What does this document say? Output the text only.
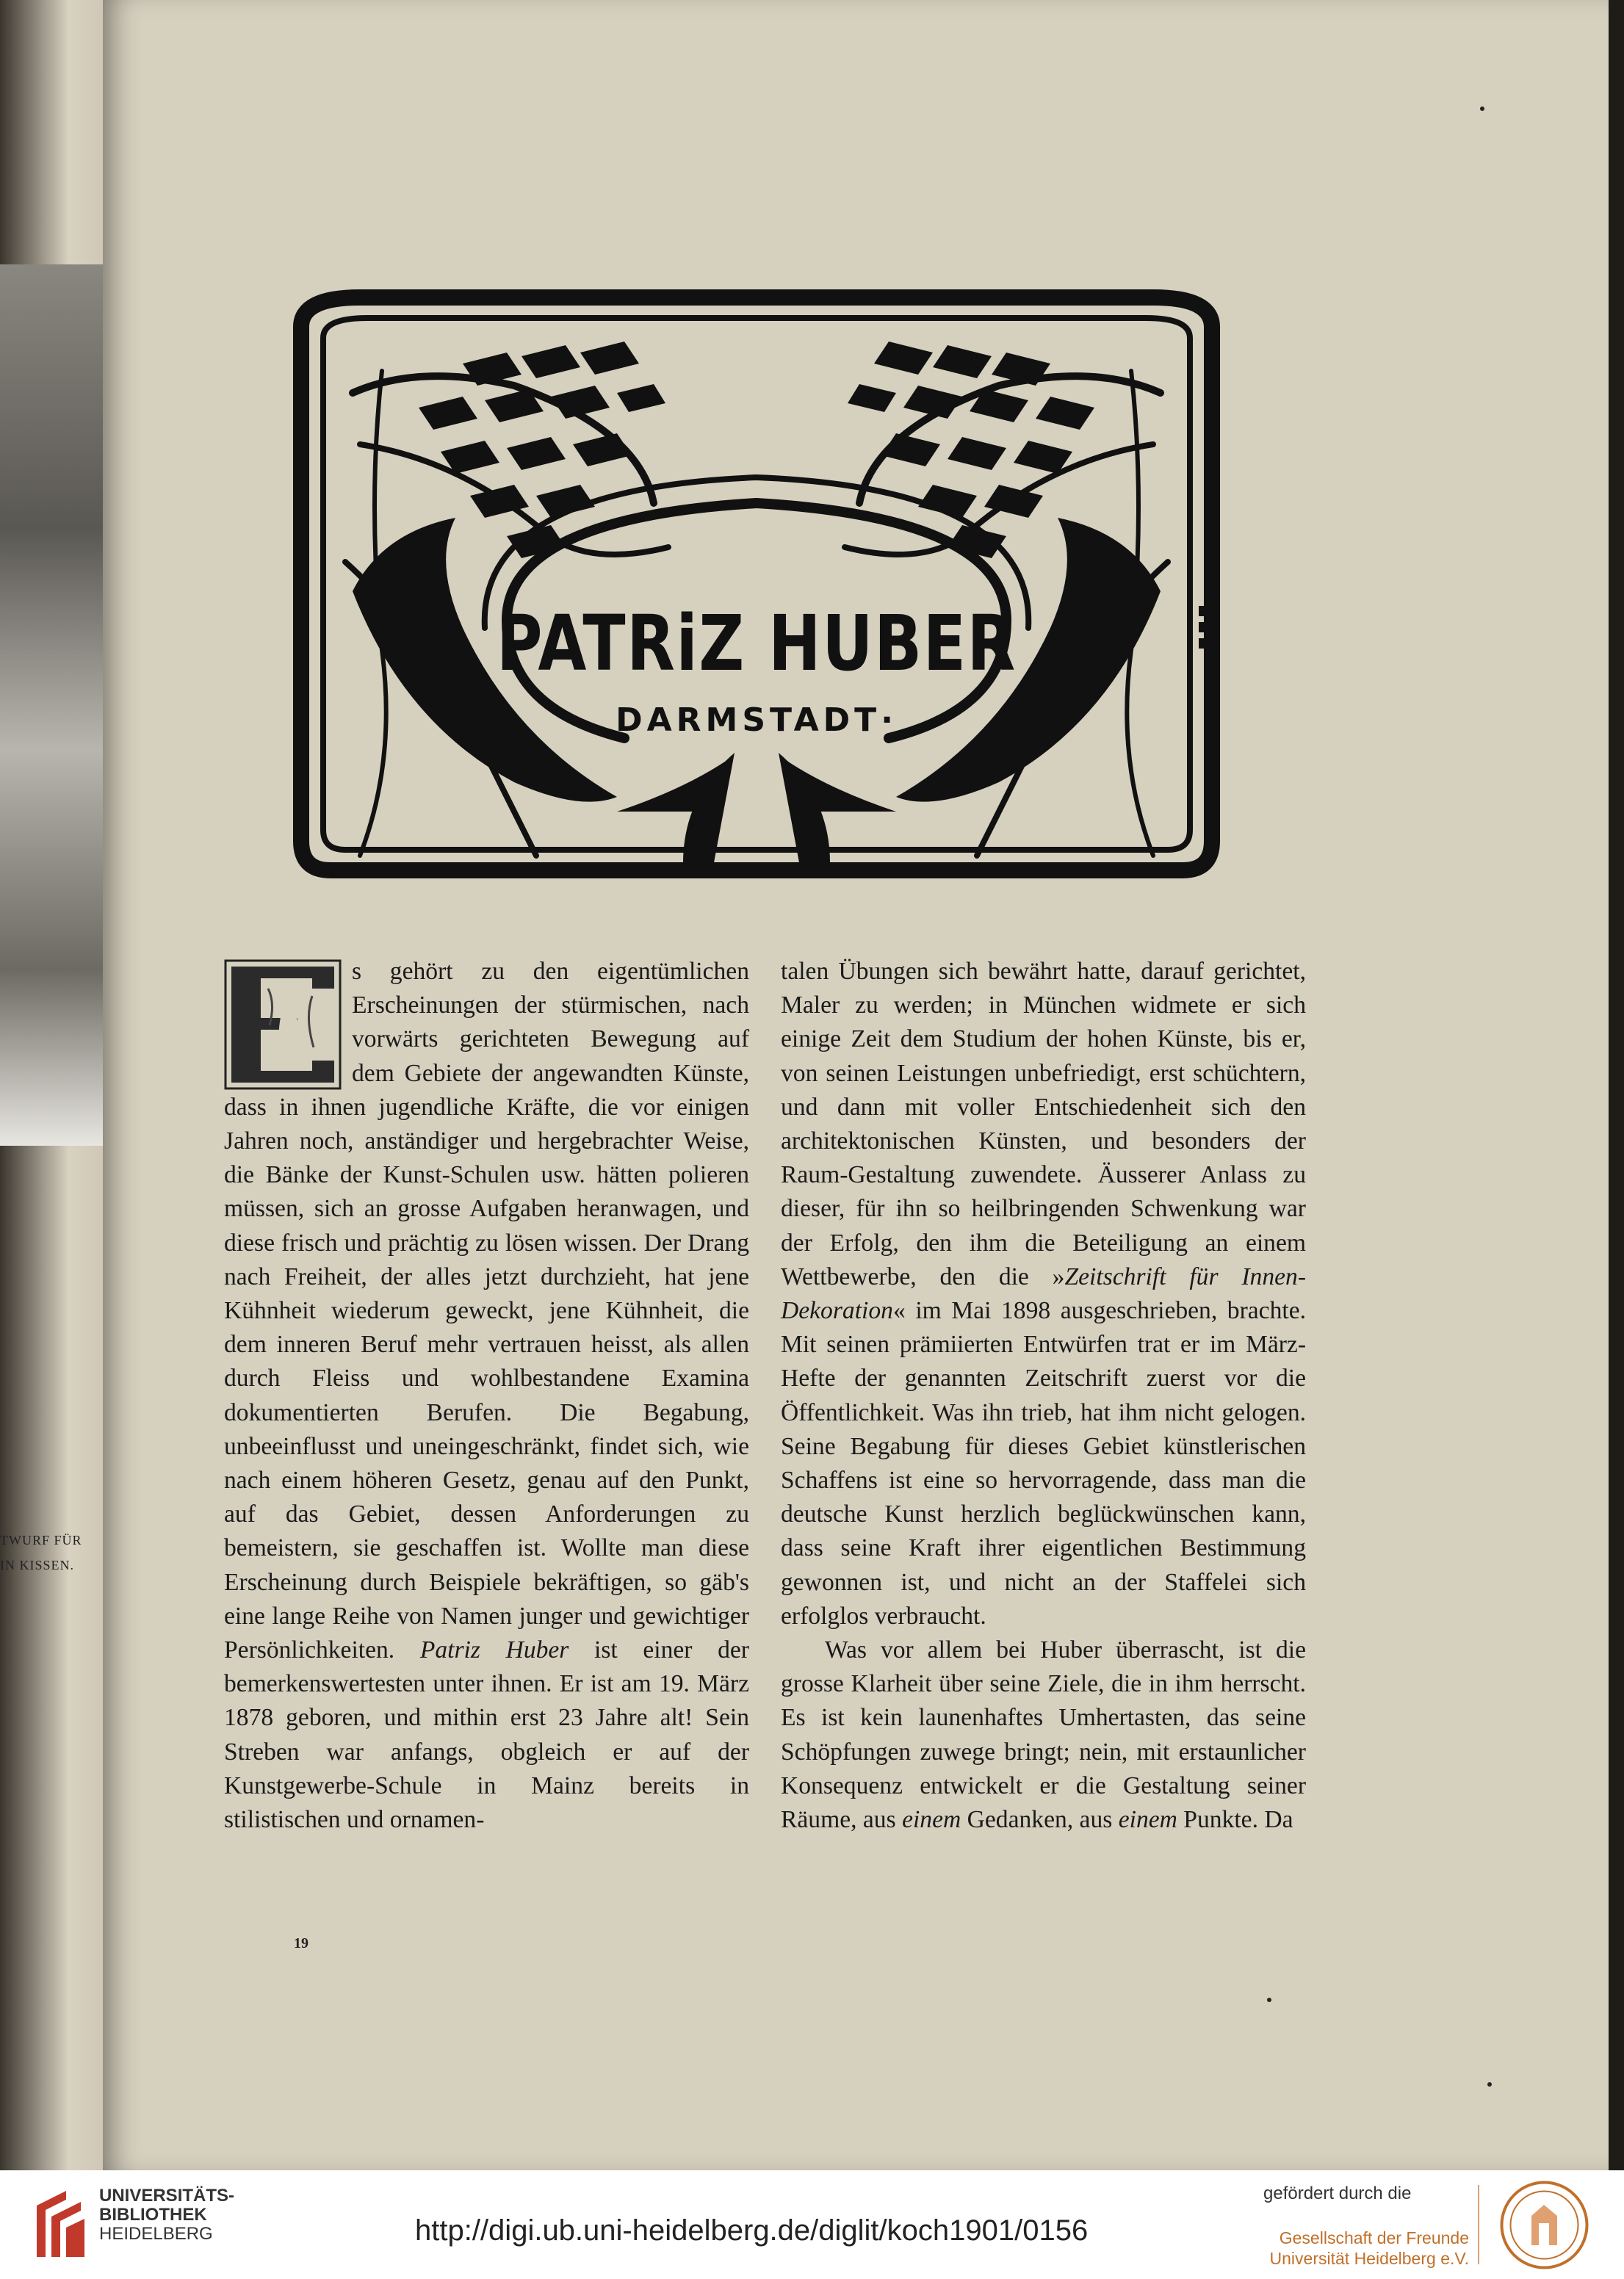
TWURF FÜR
IN KISSEN.
PATRiZ HUBER
DARMSTADT·

s gehört zu den eigentümlichen Erscheinungen der stürmischen, nach vorwärts gerichteten Bewegung auf dem Gebiete der angewandten Künste, dass in ihnen jugendliche Kräfte, die vor einigen Jahren noch, anständiger und hergebrachter Weise, die Bänke der Kunst-Schulen usw. hätten polieren müssen, sich an grosse Aufgaben heranwagen, und diese frisch und prächtig zu lösen wissen. Der Drang nach Freiheit, der alles jetzt durchzieht, hat jene Kühnheit wiederum geweckt, jene Kühnheit, die dem inneren Beruf mehr vertrauen heisst, als allen durch Fleiss und wohlbestandene Examina dokumentierten Berufen. Die Begabung, unbeeinflusst und uneingeschränkt, findet sich, wie nach einem höheren Gesetz, genau auf den Punkt, auf das Gebiet, dessen Anforderungen zu bemeistern, sie geschaffen ist. Wollte man diese Erscheinung durch Beispiele bekräftigen, so gäb's eine lange Reihe von Namen junger und gewichtiger Persönlichkeiten. Patriz Huber ist einer der bemerkenswertesten unter ihnen. Er ist am 19. März 1878 geboren, und mithin erst 23 Jahre alt! Sein Streben war anfangs, obgleich er auf der Kunstgewerbe-Schule in Mainz bereits in stilistischen und ornamen-

talen Übungen sich bewährt hatte, darauf gerichtet, Maler zu werden; in München widmete er sich einige Zeit dem Studium der hohen Künste, bis er, von seinen Leistungen unbefriedigt, erst schüchtern, und dann mit voller Entschiedenheit sich den architektonischen Künsten, und besonders der Raum-Gestaltung zuwendete. Äusserer Anlass zu dieser, für ihn so heilbringenden Schwenkung war der Erfolg, den ihm die Beteiligung an einem Wettbewerbe, den die »Zeitschrift für Innen-Dekoration« im Mai 1898 ausgeschrieben, brachte. Mit seinen prämiierten Entwürfen trat er im März-Hefte der genannten Zeitschrift zuerst vor die Öffentlichkeit. Was ihn trieb, hat ihm nicht gelogen. Seine Begabung für dieses Gebiet künstlerischen Schaffens ist eine so hervorragende, dass man die deutsche Kunst herzlich beglückwünschen kann, dass seine Kraft ihrer eigentlichen Bestimmung gewonnen ist, und nicht an der Staffelei sich erfolglos verbraucht.

Was vor allem bei Huber überrascht, ist die grosse Klarheit über seine Ziele, die in ihm herrscht. Es ist kein launenhaftes Umhertasten, das seine Schöpfungen zuwege bringt; nein, mit erstaunlicher Konsequenz entwickelt er die Gestaltung seiner Räume, aus einem Gedanken, aus einem Punkte. Da

19
UNIVERSITÄTS-
BIBLIOTHEK
HEIDELBERG	http://digi.ub.uni-heidelberg.de/diglit/koch1901/0156
gefördert durch die
Gesellschaft der Freunde
Universität Heidelberg e.V.
